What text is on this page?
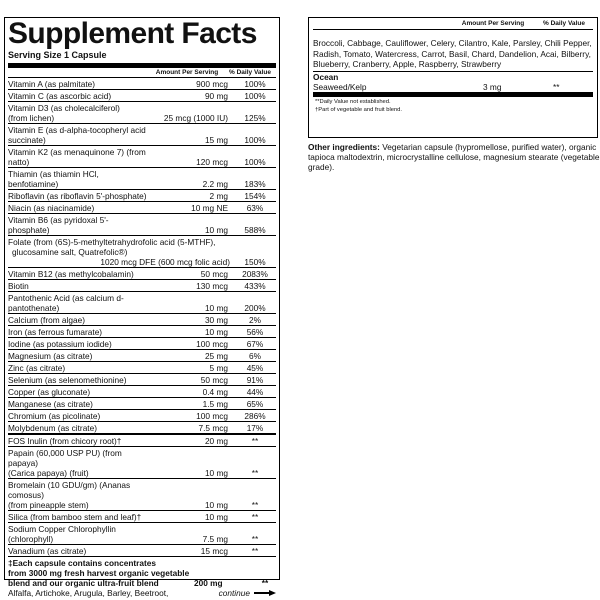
Supplement Facts
Serving Size 1 Capsule
Amount Per Serving	% Daily Value
Vitamin A (as palmitate)	900 mcg	100%
Vitamin C (as ascorbic acid)	90 mg	100%
Vitamin D3 (as cholecalciferol)
(from lichen)	25 mcg (1000 IU)	125%
Vitamin E (as d-alpha-tocopheryl acid succinate)	15 mg	100%
Vitamin K2 (as menaquinone 7) (from natto)	120 mcg	100%
Thiamin (as thiamin HCl, benfotiamine)	2.2 mg	183%
Riboflavin (as riboflavin 5'-phosphate)	2 mg	154%
Niacin (as niacinamide)	10 mg NE	63%
Vitamin B6 (as pyridoxal 5'-phosphate)	10 mg	588%
Folate (from (6S)-5-methyltetrahydrofolic acid (5-MTHF),
glucosamine salt, Quatrefolic®)
1020 mcg DFE (600 mcg folic acid)	150%
Vitamin B12 (as methylcobalamin)	50 mcg	2083%
Biotin	130 mcg	433%
Pantothenic Acid (as calcium d-pantothenate)	10 mg	200%
Calcium (from algae)	30 mg	2%
Iron (as ferrous fumarate)	10 mg	56%
Iodine (as potassium iodide)	100 mcg	67%
Magnesium (as citrate)	25 mg	6%
Zinc (as citrate)	5 mg	45%
Selenium (as selenomethionine)	50 mcg	91%
Copper (as gluconate)	0.4 mg	44%
Manganese (as citrate)	1.5 mg	65%
Chromium (as picolinate)	100 mcg	286%
Molybdenum (as citrate)	7.5 mcg	17%
FOS Inulin (from chicory root)†	20 mg	**
Papain (60,000 USP PU) (from papaya)
(Carica papaya) (fruit)	10 mg	**
Bromelain (10 GDU/gm) (Ananas comosus)
(from pineapple stem)	10 mg	**
Silica (from bamboo stem and leaf)†	10 mg	**
Sodium Copper Chlorophyllin (chlorophyll)	7.5 mg	**
Vanadium (as citrate)	15 mcg	**
‡Each capsule contains concentrates
from 3000 mg fresh harvest organic vegetable
blend and our organic ultra-fruit blend	200 mg	**
Alfalfa, Artichoke, Arugula, Barley, Beetroot,	continue
Amount Per Serving	% Daily Value
Broccoli, Cabbage, Cauliflower, Celery, Cilantro, Kale, Parsley, Chili Pepper, Radish, Tomato, Watercress, Carrot, Basil, Chard, Dandelion, Acai, Bilberry, Blueberry, Cranberry, Apple, Raspberry, Strawberry
Ocean
Seaweed/Kelp	3 mg	**
**Daily Value not established.
†Part of vegetable and fruit blend.
Other ingredients: Vegetarian capsule (hypromellose, purified water), organic tapioca maltodextrin, microcrystalline cellulose, magnesium stearate (vegetable grade).
